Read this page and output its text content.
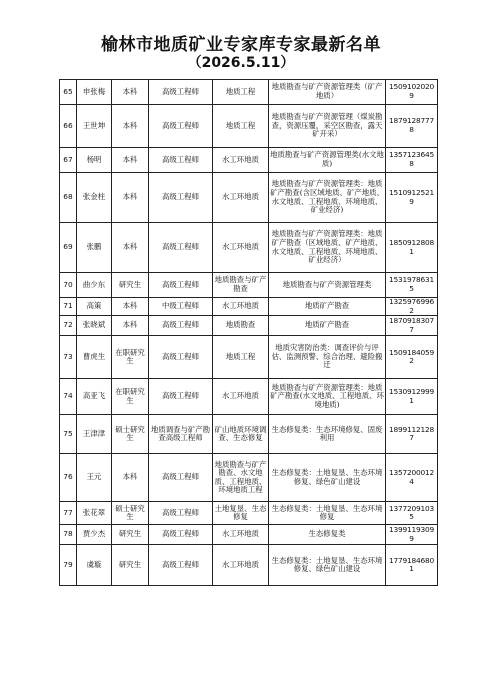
榆林市地质矿业专家库专家最新名单
（2026.5.11）
65	申张梅	本科	高级工程师	地质工程	地质勘查与矿产资源管理类（矿产地质）	15091020209
66	王世坤	本科	高级工程师	地质工程	地质勘查与矿产资源管理（煤炭勘查，资源压覆，采空区勘查，露天矿开采）	18791287778
67	杨明	本科	高级工程师	水工环地质	地质勘查与矿产资源管理类(水文地质)	13571236458
68	张金柱	本科	高级工程师	水工环地质	地质勘查与矿产资源管理类：地质矿产勘查(含区域地质、矿产地质、水文地质、工程地质、环境地质、矿业经济)	15109125219
69	张鹏	本科	高级工程师	水工环地质	地质勘查与矿产资源管理类：地质矿产勘查（区域地质、矿产地质、水文地质、工程地质、环境地质、矿业经济）	18509128081
70	曲少东	研究生	高级工程师	地质勘查与矿产勘查	地质勘查与矿产资源管理类	15319786315
71	高策	本科	中级工程师	水工环地质	地质矿产勘查	13259769962
72	张晓斌	本科	高级工程师	地质勘查	地质矿产勘查	18709183077
73	曹虎生	在职研究生	高级工程师	地质工程	地质灾害防治类：调查评价与评估、监测预警、综合治理、避险搬迁	15091840592
74	高亚飞	在职研究生	高级工程师	水工环地质	地质勘查与矿产资源管理类：地质矿产勘查(水文地质、工程地质、环境地质)	15309129991
75	王津津	硕士研究生	地质调查与矿产勘查高级工程师	矿山地质环境调查、生态修复	生态修复类：生态环境修复、固废利用	18991121287
76	王元	本科	高级工程师	地质勘查与矿产勘查、水文地质、工程地质、环境地质工程	生态修复类：土地复垦、生态环境修复、绿色矿山建设	13572000124
77	张花翠	硕士研究生	高级工程师	土地复垦、生态修复	生态修复类：土地复垦、生态环境修复	13772091035
78	贾少杰	研究生	高级工程师	水工环地质	生态修复类	13991193099
79	虞璇	研究生	高级工程师	水工环地质	生态修复类：土地复垦、生态环境修复、绿色矿山建设	17791846801
